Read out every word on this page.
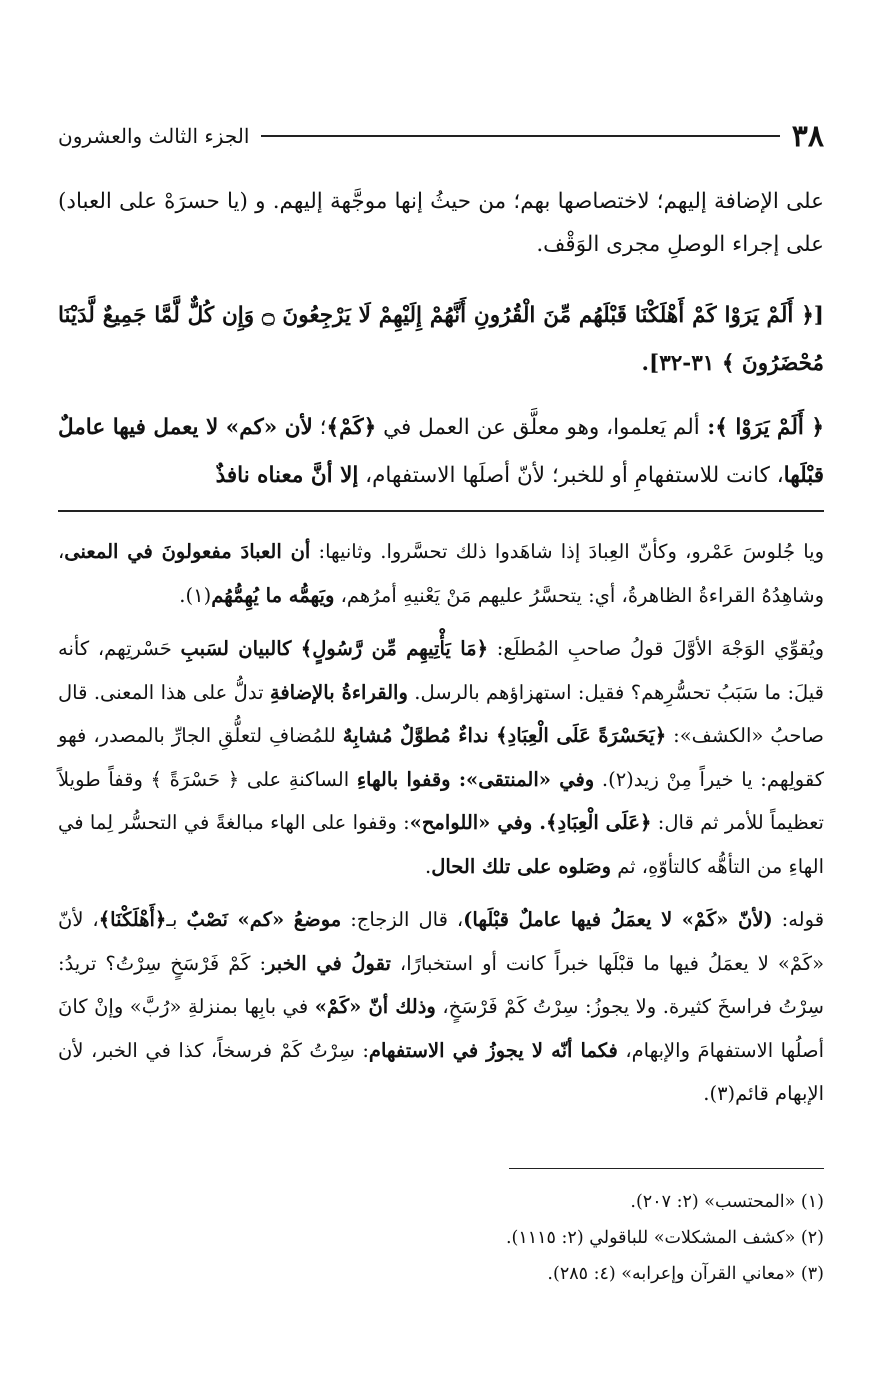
٣٨
الجزء الثالث والعشرون

على الإضافة إليهم؛ لاختصاصها بهم؛ من حيثُ إنها موجَّهة إليهم. و (يا حسرَهْ على العباد) على إجراء الوصلِ مجرى الوَقْف.

[﴿ أَلَمْ يَرَوْا كَمْ أَهْلَكْنَا قَبْلَهُم مِّنَ الْقُرُونِ أَنَّهُمْ إِلَيْهِمْ لَا يَرْجِعُونَ ۝ وَإِن كُلٌّ لَّمَّا جَمِيعٌ لَّدَيْنَا مُحْضَرُونَ ﴾ ٣١-٣٢].

﴿ أَلَمْ يَرَوْا ﴾: ألم يَعلموا، وهو معلَّق عن العمل في ﴿كَمْ﴾؛ لأن «كم» لا يعمل فيها عاملٌ قبْلَها، كانت للاستفهامِ أو للخبر؛ لأنّ أصلَها الاستفهام، إلا أنَّ معناه نافذٌ

ويا جُلوسَ عَمْرو، وكأنّ العِبادَ إذا شاهَدوا ذلك تحسَّروا. وثانيها: أن العبادَ مفعولونَ في المعنى، وشاهِدُهُ القراءةُ الظاهرةُ، أي: يتحسَّرُ عليهم مَنْ يَعْنيهِ أمرُهم، ويَهمُّه ما يُهِمُّهُم(١).

ويُقوِّي الوَجْهَ الأوَّلَ قولُ صاحبِ المُطلَع: ﴿مَا يَأْتِيهِم مِّن رَّسُولٍ﴾ كالبيان لسَببِ حَسْرتِهم، كأنه قيلَ: ما سَبَبُ تحسُّرِهم؟ فقيل: استهزاؤهم بالرسل. والقراءةُ بالإضافةِ تدلُّ على هذا المعنى. قال صاحبُ «الكشف»: ﴿يَحَسْرَةً عَلَى الْعِبَادِ﴾ نداءٌ مُطوَّلٌ مُشابِهٌ للمُضافِ لتعلُّقِ الجارِّ بالمصدر، فهو كقولِهم: يا خيراً مِنْ زيد(٢). وفي «المنتقى»: وقفوا بالهاءِ الساكنةِ على ﴿ حَسْرَةً ﴾ وقفاً طويلاً تعظيماً للأمر ثم قال: ﴿عَلَى الْعِبَادِ﴾. وفي «اللوامح»: وقفوا على الهاء مبالغةً في التحسُّر لِما في الهاءِ من التأهُّه كالتأوّهِ، ثم وصَلوه على تلك الحال.

قوله: (لأنّ «كَمْ» لا يعمَلُ فيها عاملٌ قبْلَها)، قال الزجاج: موضعُ «كم» نَصْبٌ بـ﴿أَهْلَكْنَا﴾، لأنّ «كَمْ» لا يعمَلُ فيها ما قبْلَها خبراً كانت أو استخبارًا، تقولُ في الخبر: كَمْ فَرْسَخٍ سِرْتُ؟ تريدُ: سِرْتُ فراسخَ كثيرة. ولا يجوزُ: سِرْتُ كَمْ فَرْسَخٍ، وذلك أنّ «كَمْ» في بابِها بمنزلةِ «رُبَّ» وإنْ كانَ أصلُها الاستفهامَ والإبهام، فكما أنّه لا يجوزُ في الاستفهام: سِرْتُ كَمْ فرسخاً، كذا في الخبر، لأن الإبهام قائم(٣).

(١) «المحتسب» (٢: ٢٠٧).
(٢) «كشف المشكلات» للباقولي (٢: ١١١٥).
(٣) «معاني القرآن وإعرابه» (٤: ٢٨٥).
